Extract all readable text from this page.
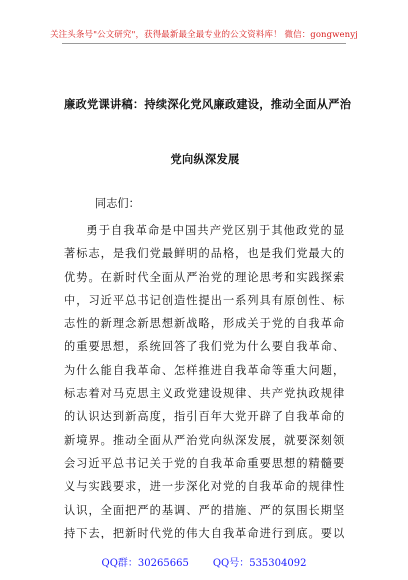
关注头条号"公文研究"，获得最新最全最专业的公文资料库！ 微信：gongwenyj
廉政党课讲稿：持续深化党风廉政建设，推动全面从严治
党向纵深发展
同志们：

勇于自我革命是中国共产党区别于其他政党的显著标志，是我们党最鲜明的品格，也是我们党最大的优势。在新时代全面从严治党的理论思考和实践探索中，习近平总书记创造性提出一系列具有原创性、标志性的新理念新思想新战略，形成关于党的自我革命的重要思想，系统回答了我们党为什么要自我革命、为什么能自我革命、怎样推进自我革命等重大问题，标志着对马克思主义政党建设规律、共产党执政规律的认识达到新高度，指引百年大党开辟了自我革命的新境界。推动全面从严治党向纵深发展，就要深刻领会习近平总书记关于党的自我革命重要思想的精髓要义与实践要求，进一步深化对党的自我革命的规律性认识，全面把严的基调、严的措施、严的氛围长期坚持下去，把新时代党的伟大自我革命进行到底。要以

QQ群：30265665 QQ号：535304092
